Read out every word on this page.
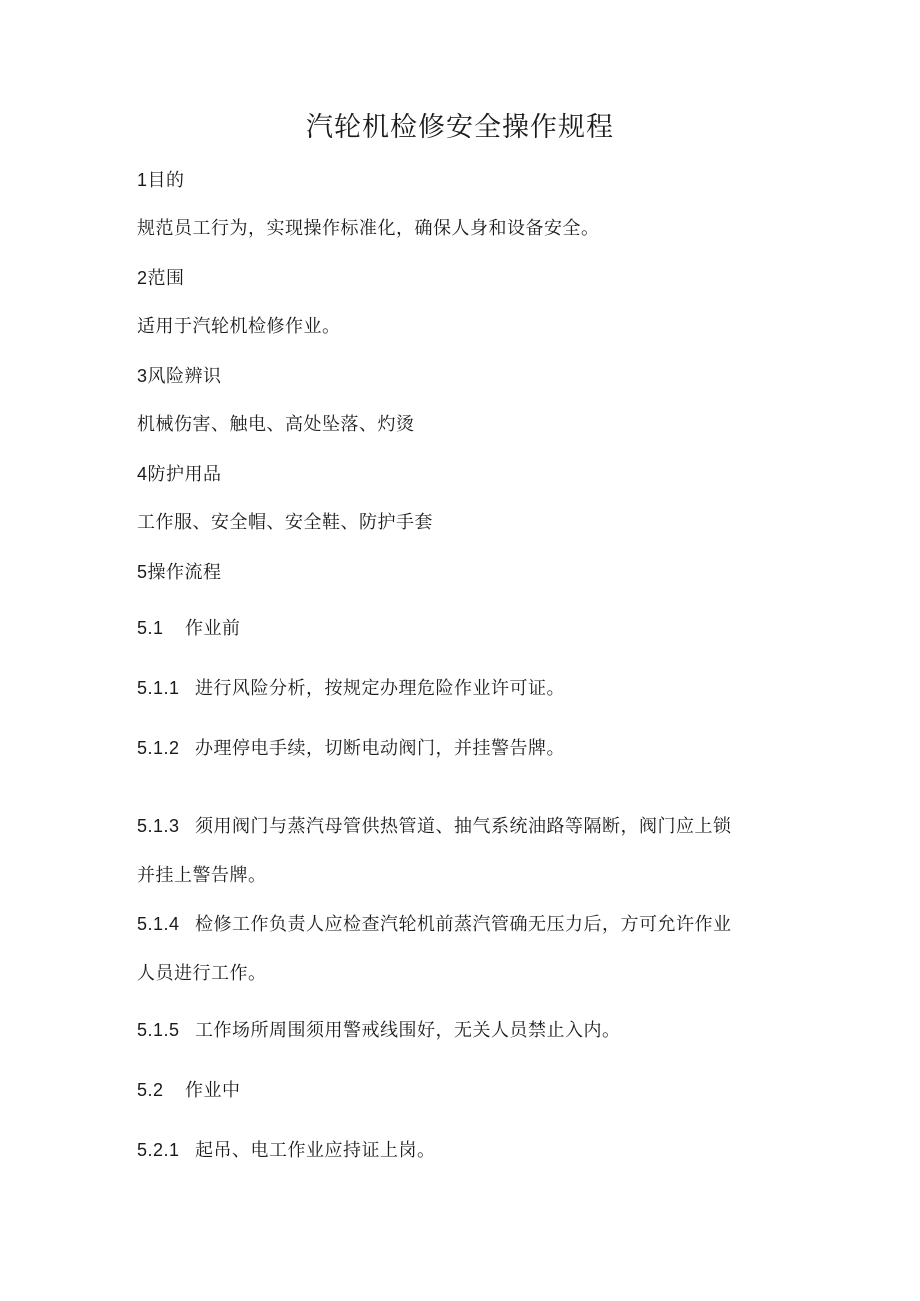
汽轮机检修安全操作规程
1目的
规范员工行为，实现操作标准化，确保人身和设备安全。
2范围
适用于汽轮机检修作业。
3风险辨识
机械伤害、触电、高处坠落、灼烫
4防护用品
工作服、安全帽、安全鞋、防护手套
5操作流程
5.1 作业前
5.1.1 进行风险分析，按规定办理危险作业许可证。
5.1.2 办理停电手续，切断电动阀门，并挂警告牌。
5.1.3 须用阀门与蒸汽母管供热管道、抽气系统油路等隔断，阀门应上锁
并挂上警告牌。
5.1.4 检修工作负责人应检查汽轮机前蒸汽管确无压力后，方可允许作业
人员进行工作。
5.1.5 工作场所周围须用警戒线围好，无关人员禁止入内。
5.2 作业中
5.2.1 起吊、电工作业应持证上岗。
